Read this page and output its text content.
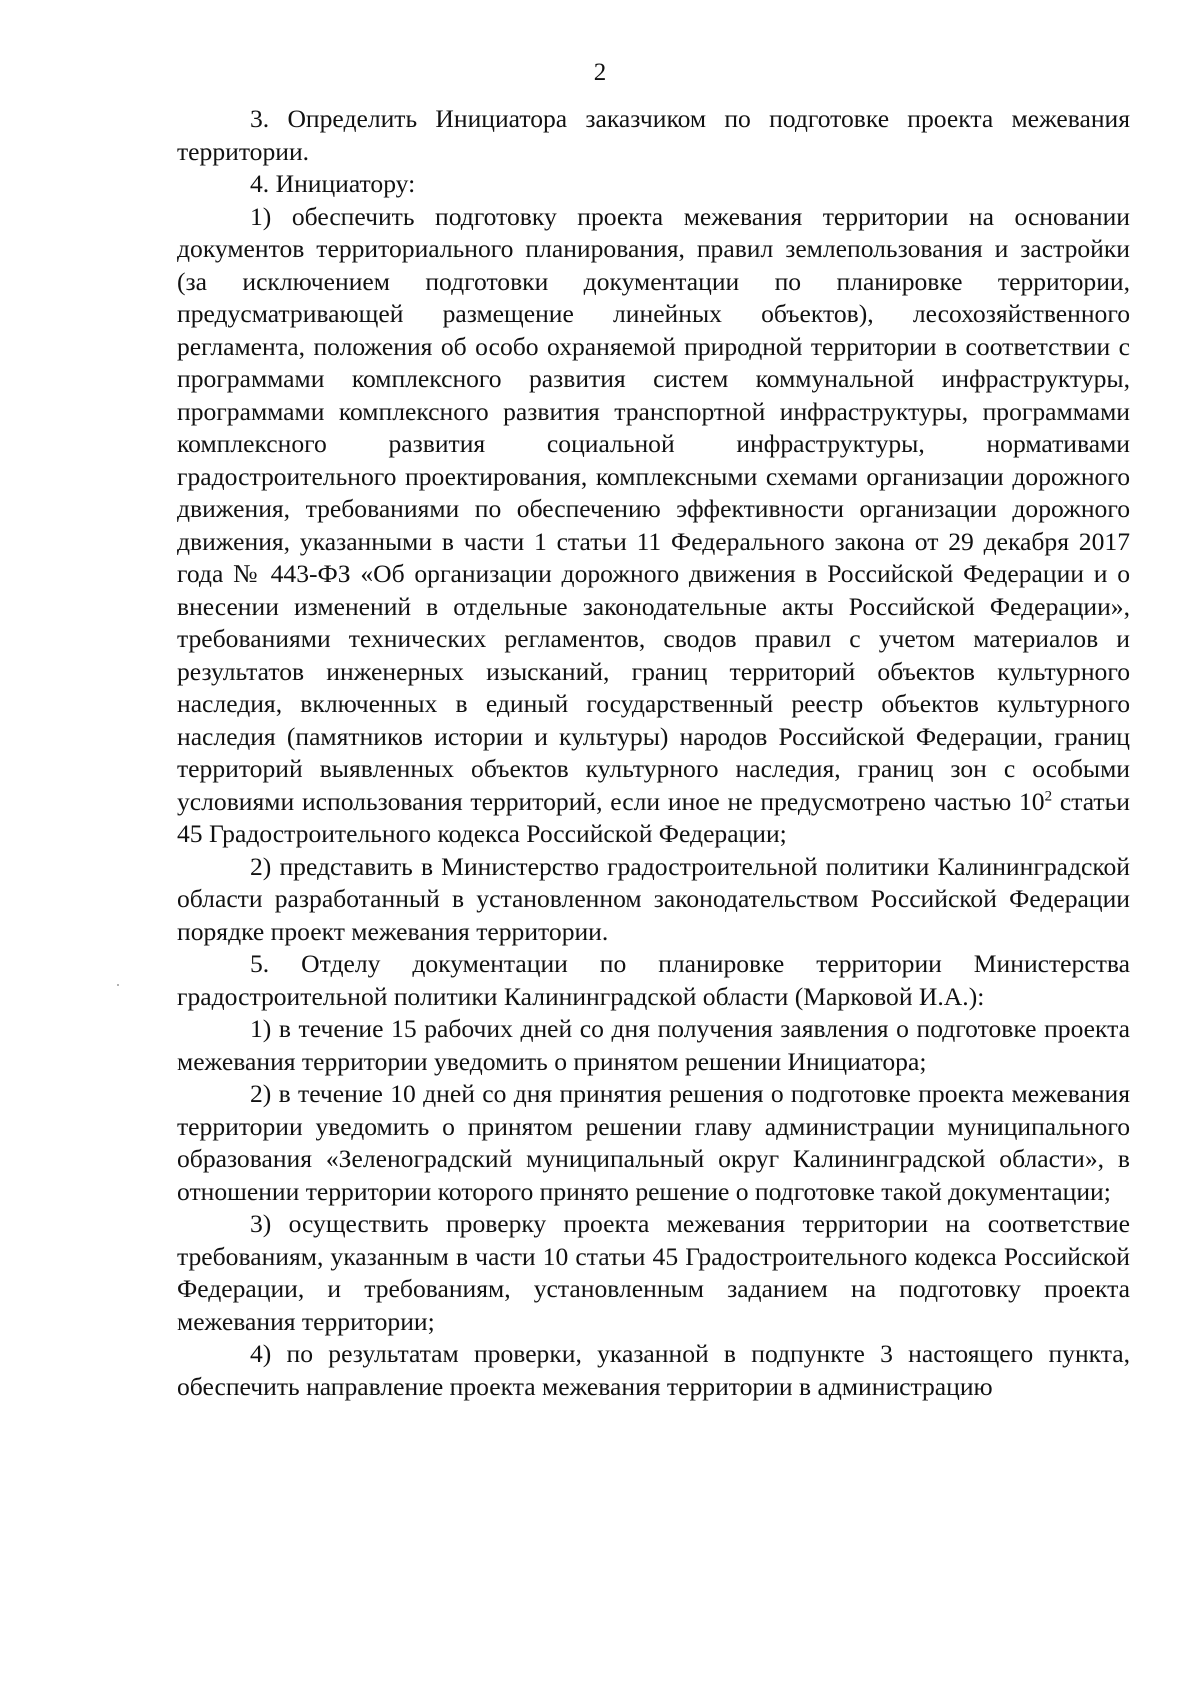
2

3. Определить Инициатора заказчиком по подготовке проекта межевания территории.

4. Инициатору:

1) обеспечить подготовку проекта межевания территории на основании документов территориального планирования, правил землепользования и застройки (за исключением подготовки документации по планировке территории, предусматривающей размещение линейных объектов), лесохозяйственного регламента, положения об особо охраняемой природной территории в соответствии с программами комплексного развития систем коммунальной инфраструктуры, программами комплексного развития транспортной инфраструктуры, программами комплексного развития социальной инфраструктуры, нормативами градостроительного проектирования, комплексными схемами организации дорожного движения, требованиями по обеспечению эффективности организации дорожного движения, указанными в части 1 статьи 11 Федерального закона от 29 декабря 2017 года № 443-ФЗ «Об организации дорожного движения в Российской Федерации и о внесении изменений в отдельные законодательные акты Российской Федерации», требованиями технических регламентов, сводов правил с учетом материалов и результатов инженерных изысканий, границ территорий объектов культурного наследия, включенных в единый государственный реестр объектов культурного наследия (памятников истории и культуры) народов Российской Федерации, границ территорий выявленных объектов культурного наследия, границ зон с особыми условиями использования территорий, если иное не предусмотрено частью $10^2$ статьи 45 Градостроительного кодекса Российской Федерации;

2) представить в Министерство градостроительной политики Калининградской области разработанный в установленном законодательством Российской Федерации порядке проект межевания территории.

5. Отделу документации по планировке территории Министерства градостроительной политики Калининградской области (Марковой И.А.):

1) в течение 15 рабочих дней со дня получения заявления о подготовке проекта межевания территории уведомить о принятом решении Инициатора;

2) в течение 10 дней со дня принятия решения о подготовке проекта межевания территории уведомить о принятом решении главу администрации муниципального образования «Зеленоградский муниципальный округ Калининградской области», в отношении территории которого принято решение о подготовке такой документации;

3) осуществить проверку проекта межевания территории на соответствие требованиям, указанным в части 10 статьи 45 Градостроительного кодекса Российской Федерации, и требованиям, установленным заданием на подготовку проекта межевания территории;

4) по результатам проверки, указанной в подпункте 3 настоящего пункта, обеспечить направление проекта межевания территории в администрацию
